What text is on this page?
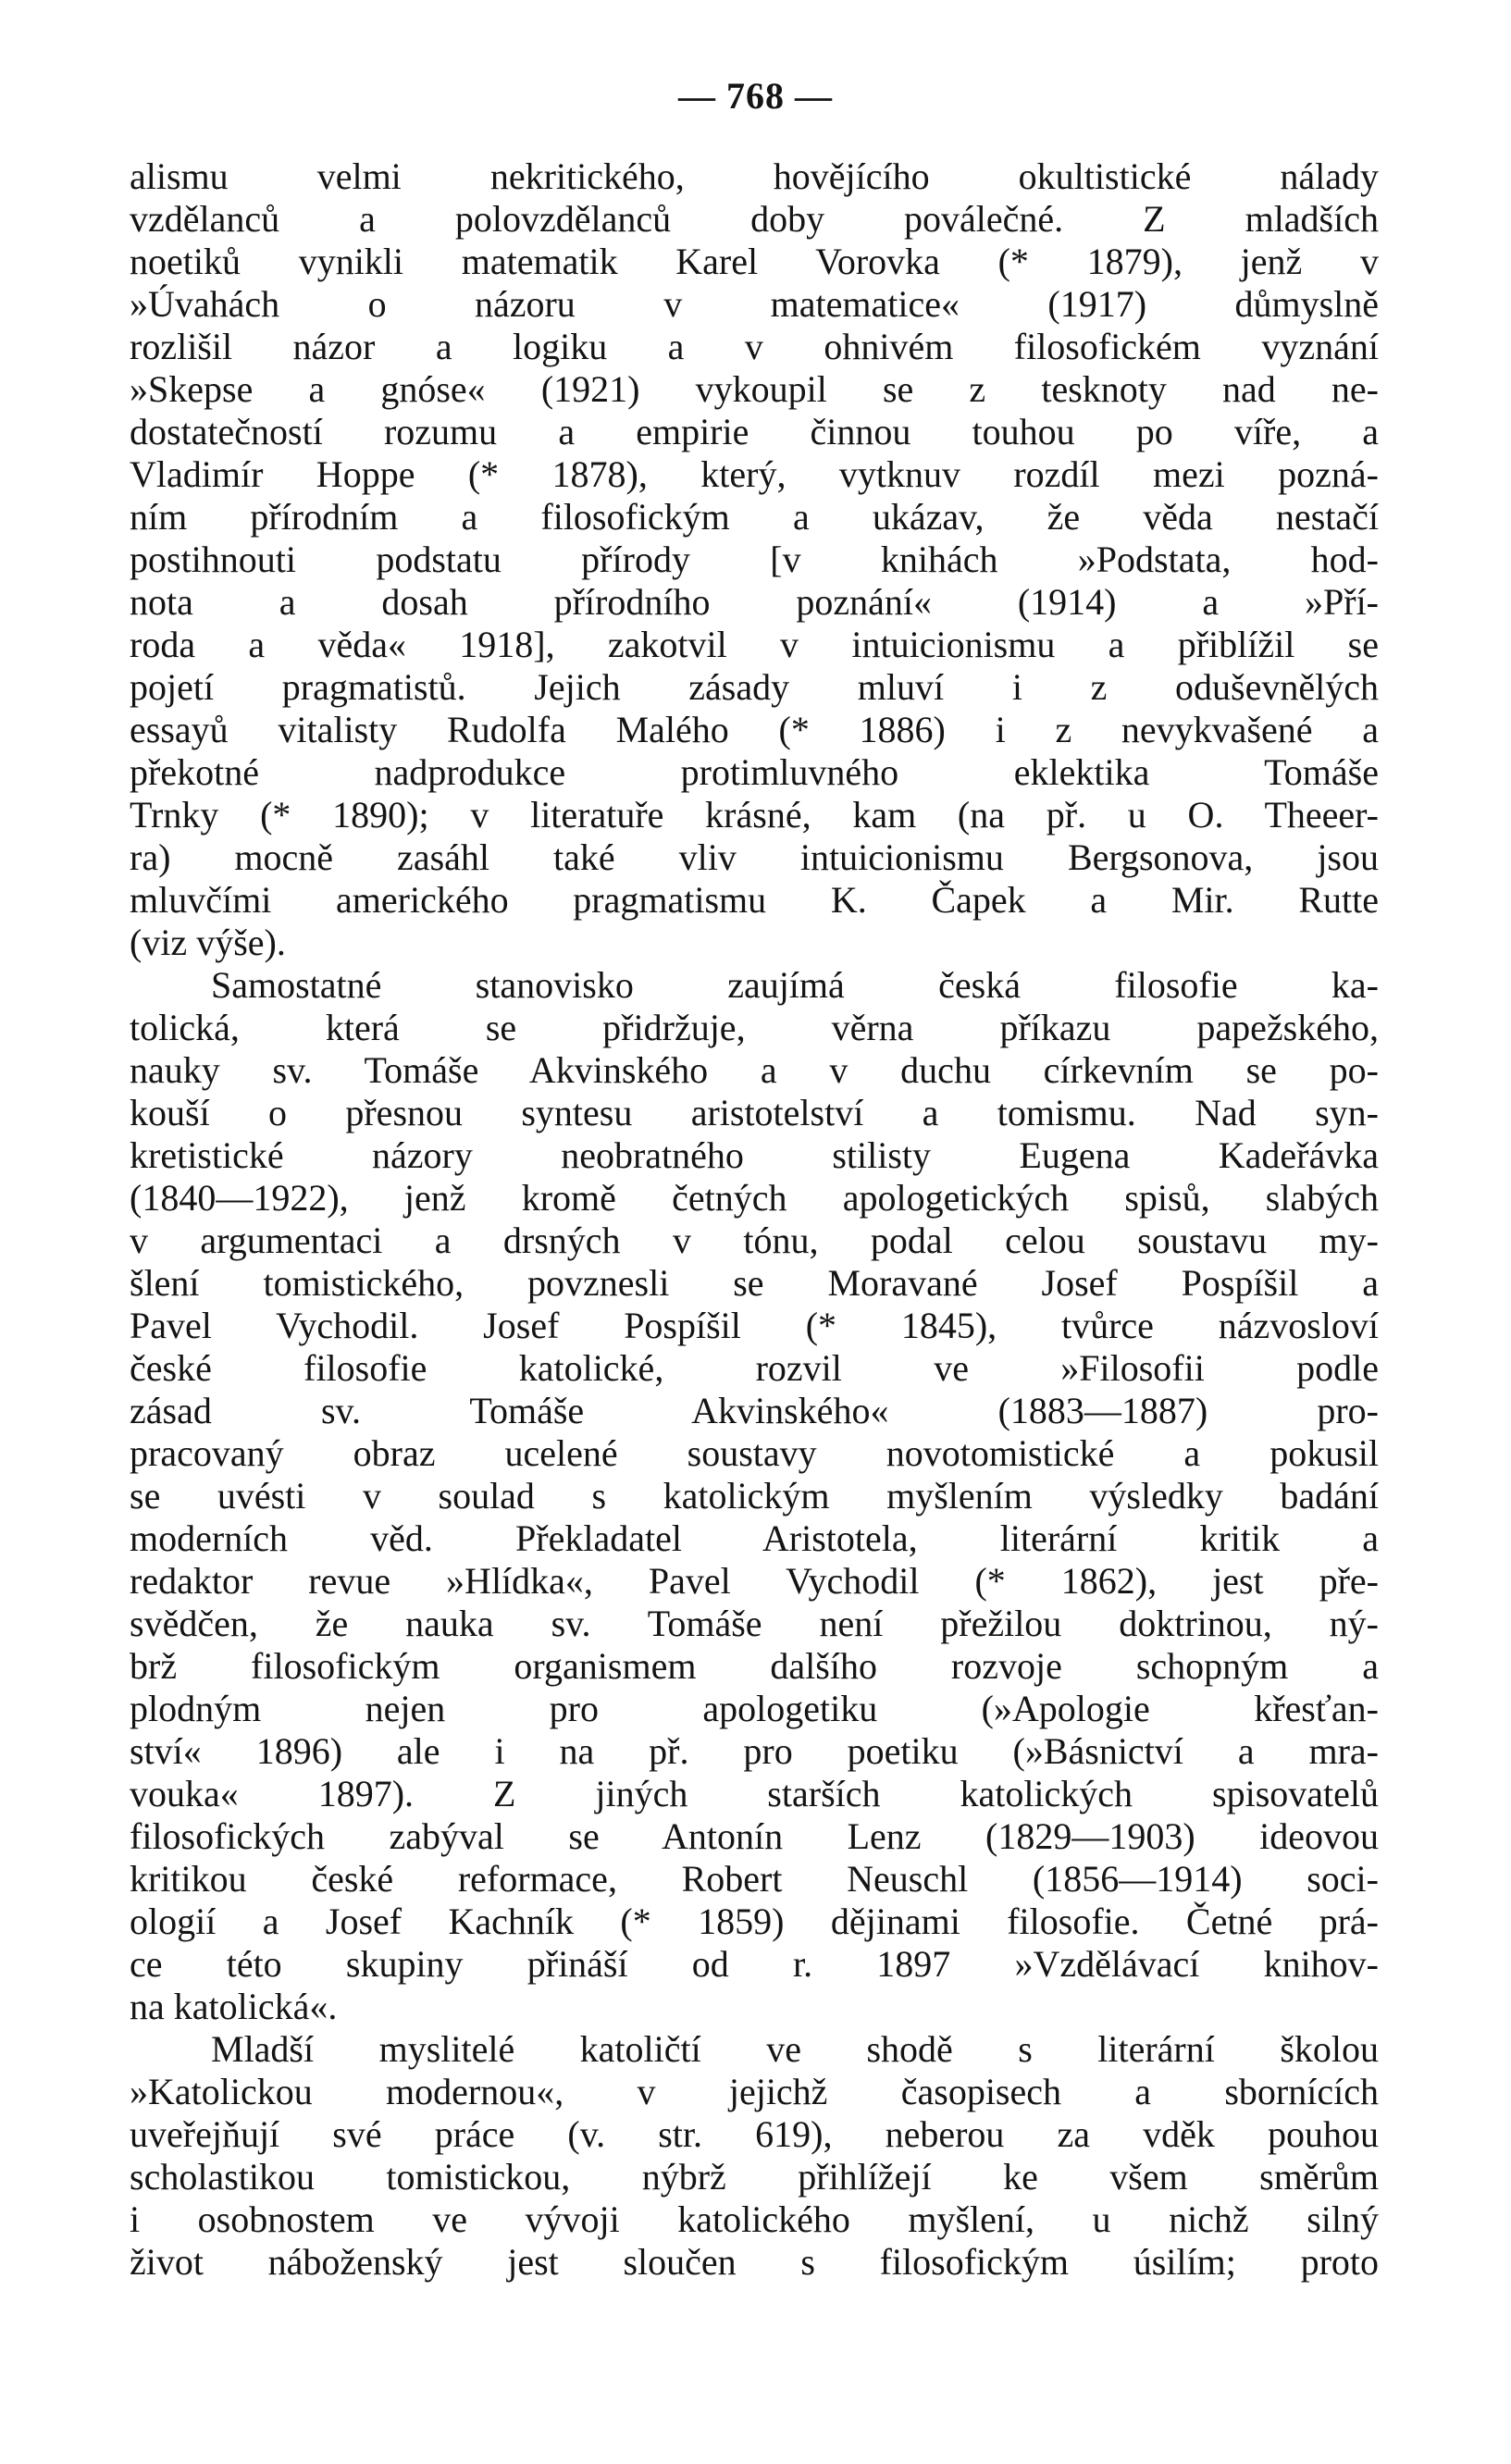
— 768 —
alismu velmi nekritického, hovějícího okultistické nálady
vzdělanců a polovzdělanců doby poválečné. Z mladších
noetiků vynikli matematik Karel Vorovka (* 1879), jenž v
»Úvahách o názoru v matematice« (1917) důmyslně
rozlišil názor a logiku a v ohnivém filosofickém vyznání
»Skepse a gnóse« (1921) vykoupil se z tesknoty nad ne-
dostatečností rozumu a empirie činnou touhou po víře, a
Vladimír Hoppe (* 1878), který, vytknuv rozdíl mezi pozná-
ním přírodním a filosofickým a ukázav, že věda nestačí
postihnouti podstatu přírody [v knihách »Podstata, hod-
nota a dosah přírodního poznání« (1914) a »Pří-
roda a věda« 1918], zakotvil v intuicionismu a přiblížil se
pojetí pragmatistů. Jejich zásady mluví i z oduševnělých
essayů vitalisty Rudolfa Malého (* 1886) i z nevykvašené a
překotné nadprodukce protimluvného eklektika Tomáše
Trnky (* 1890); v literatuře krásné, kam (na př. u O. Theeer-
ra) mocně zasáhl také vliv intuicionismu Bergsonova, jsou
mluvčími amerického pragmatismu K. Čapek a Mir. Rutte
(viz výše).
Samostatné stanovisko zaujímá česká filosofie ka-
tolická, která se přidržuje, věrna příkazu papežského,
nauky sv. Tomáše Akvinského a v duchu církevním se po-
kouší o přesnou syntesu aristotelství a tomismu. Nad syn-
kretistické názory neobratného stilisty Eugena Kadeřávka
(1840—1922), jenž kromě četných apologetických spisů, slabých
v argumentaci a drsných v tónu, podal celou soustavu my-
šlení tomistického, povznesli se Moravané Josef Pospíšil a
Pavel Vychodil. Josef Pospíšil (* 1845), tvůrce názvosloví
české filosofie katolické, rozvil ve »Filosofii podle
zásad sv. Tomáše Akvinského« (1883—1887) pro-
pracovaný obraz ucelené soustavy novotomistické a pokusil
se uvésti v soulad s katolickým myšlením výsledky badání
moderních věd. Překladatel Aristotela, literární kritik a
redaktor revue »Hlídka«, Pavel Vychodil (* 1862), jest pře-
svědčen, že nauka sv. Tomáše není přežilou doktrinou, ný-
brž filosofickým organismem dalšího rozvoje schopným a
plodným nejen pro apologetiku (»Apologie křesťan-
ství« 1896) ale i na př. pro poetiku (»Básnictví a mra-
vouka« 1897). Z jiných starších katolických spisovatelů
filosofických zabýval se Antonín Lenz (1829—1903) ideovou
kritikou české reformace, Robert Neuschl (1856—1914) soci-
ologií a Josef Kachník (* 1859) dějinami filosofie. Četné prá-
ce této skupiny přináší od r. 1897 »Vzdělávací knihov-
na katolická«.
Mladší myslitelé katoličtí ve shodě s literární školou
»Katolickou modernou«, v jejichž časopisech a sbornících
uveřejňují své práce (v. str. 619), neberou za vděk pouhou
scholastikou tomistickou, nýbrž přihlížejí ke všem směrům
i osobnostem ve vývoji katolického myšlení, u nichž silný
život náboženský jest sloučen s filosofickým úsilím; proto
